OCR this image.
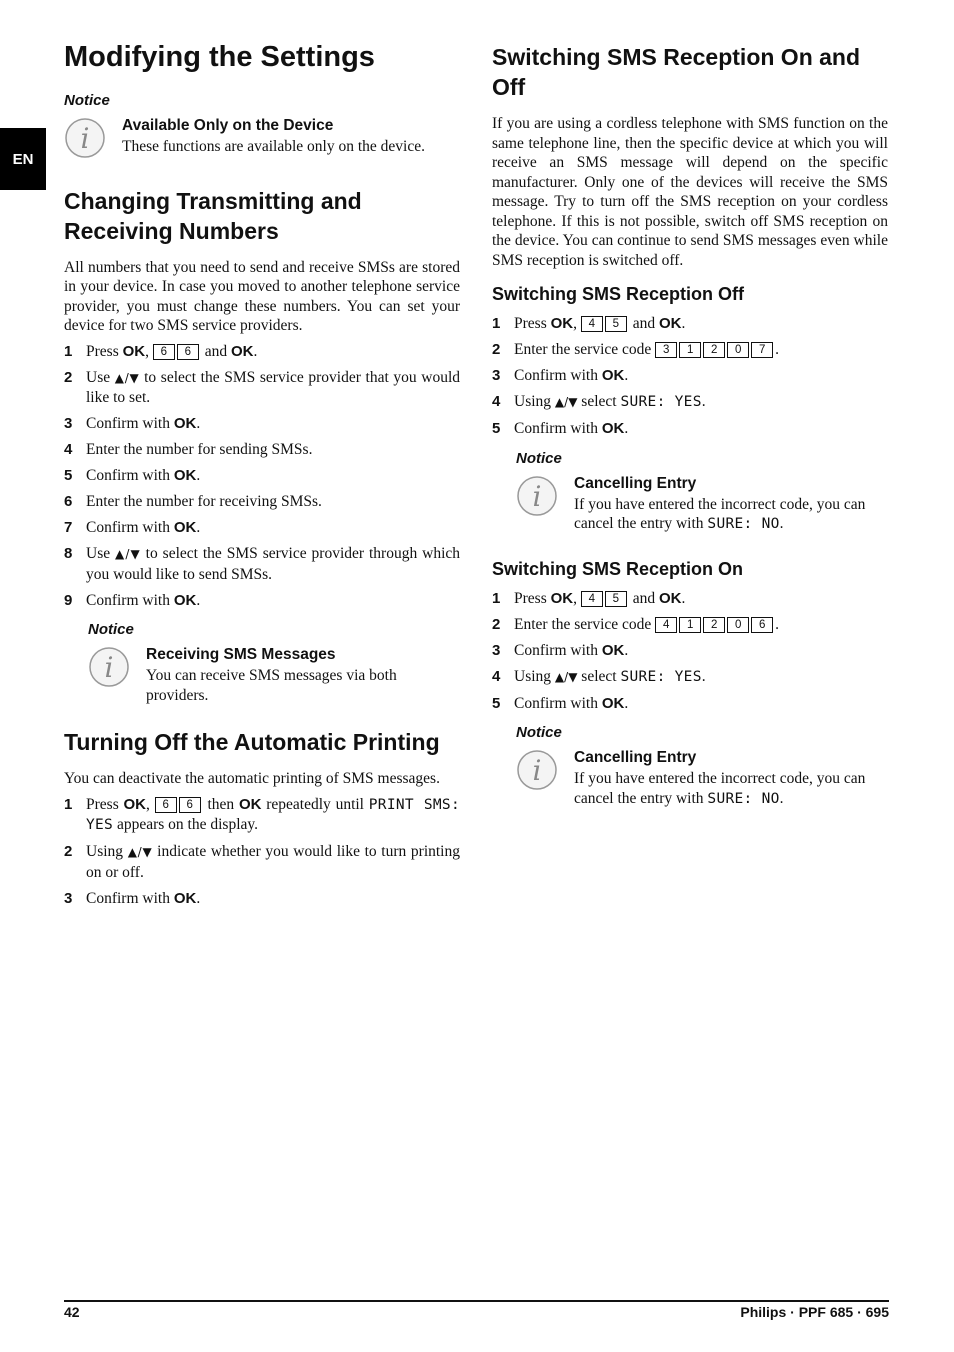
EN
Modifying the Settings
Notice
i Available Only on the Device
These functions are available only on the device.
Changing Transmitting and Receiving Numbers

All numbers that you need to send and receive SMSs are stored in your device. In case you moved to another telephone service provider, you must change these numbers. You can set your device for two SMS service providers.

1 Press OK, 6 6 and OK.
2 Use ▲/▼ to select the SMS service provider that you would like to set.
3 Confirm with OK.
4 Enter the number for sending SMSs.
5 Confirm with OK.
6 Enter the number for receiving SMSs.
7 Confirm with OK.
8 Use ▲/▼ to select the SMS service provider through which you would like to send SMSs.
9 Confirm with OK.
Notice
i Receiving SMS Messages
You can receive SMS messages via both providers.
Turning Off the Automatic Printing

You can deactivate the automatic printing of SMS messages.

1 Press OK, 6 6 then OK repeatedly until PRINT SMS: YES appears on the display.
2 Using ▲/▼ indicate whether you would like to turn printing on or off.
3 Confirm with OK.
Switching SMS Reception On and Off

If you are using a cordless telephone with SMS function on the same telephone line, then the specific device at which you will receive an SMS message will depend on the specific manufacturer. Only one of the devices will receive the SMS message. Try to turn off the SMS reception on your cordless telephone. If this is not possible, switch off SMS reception on the device. You can continue to send SMS messages even while SMS reception is switched off.

Switching SMS Reception Off
1 Press OK, 4 5 and OK.
2 Enter the service code 3 1 2 0 7 .
3 Confirm with OK.
4 Using ▲/▼ select SURE: YES.
5 Confirm with OK.
Notice
i Cancelling Entry
If you have entered the incorrect code, you can cancel the entry with SURE: NO.
Switching SMS Reception On
1 Press OK, 4 5 and OK.
2 Enter the service code 4 1 2 0 6 .
3 Confirm with OK.
4 Using ▲/▼ select SURE: YES.
5 Confirm with OK.
Notice
i Cancelling Entry
If you have entered the incorrect code, you can cancel the entry with SURE: NO.
42	Philips · PPF 685 · 695
